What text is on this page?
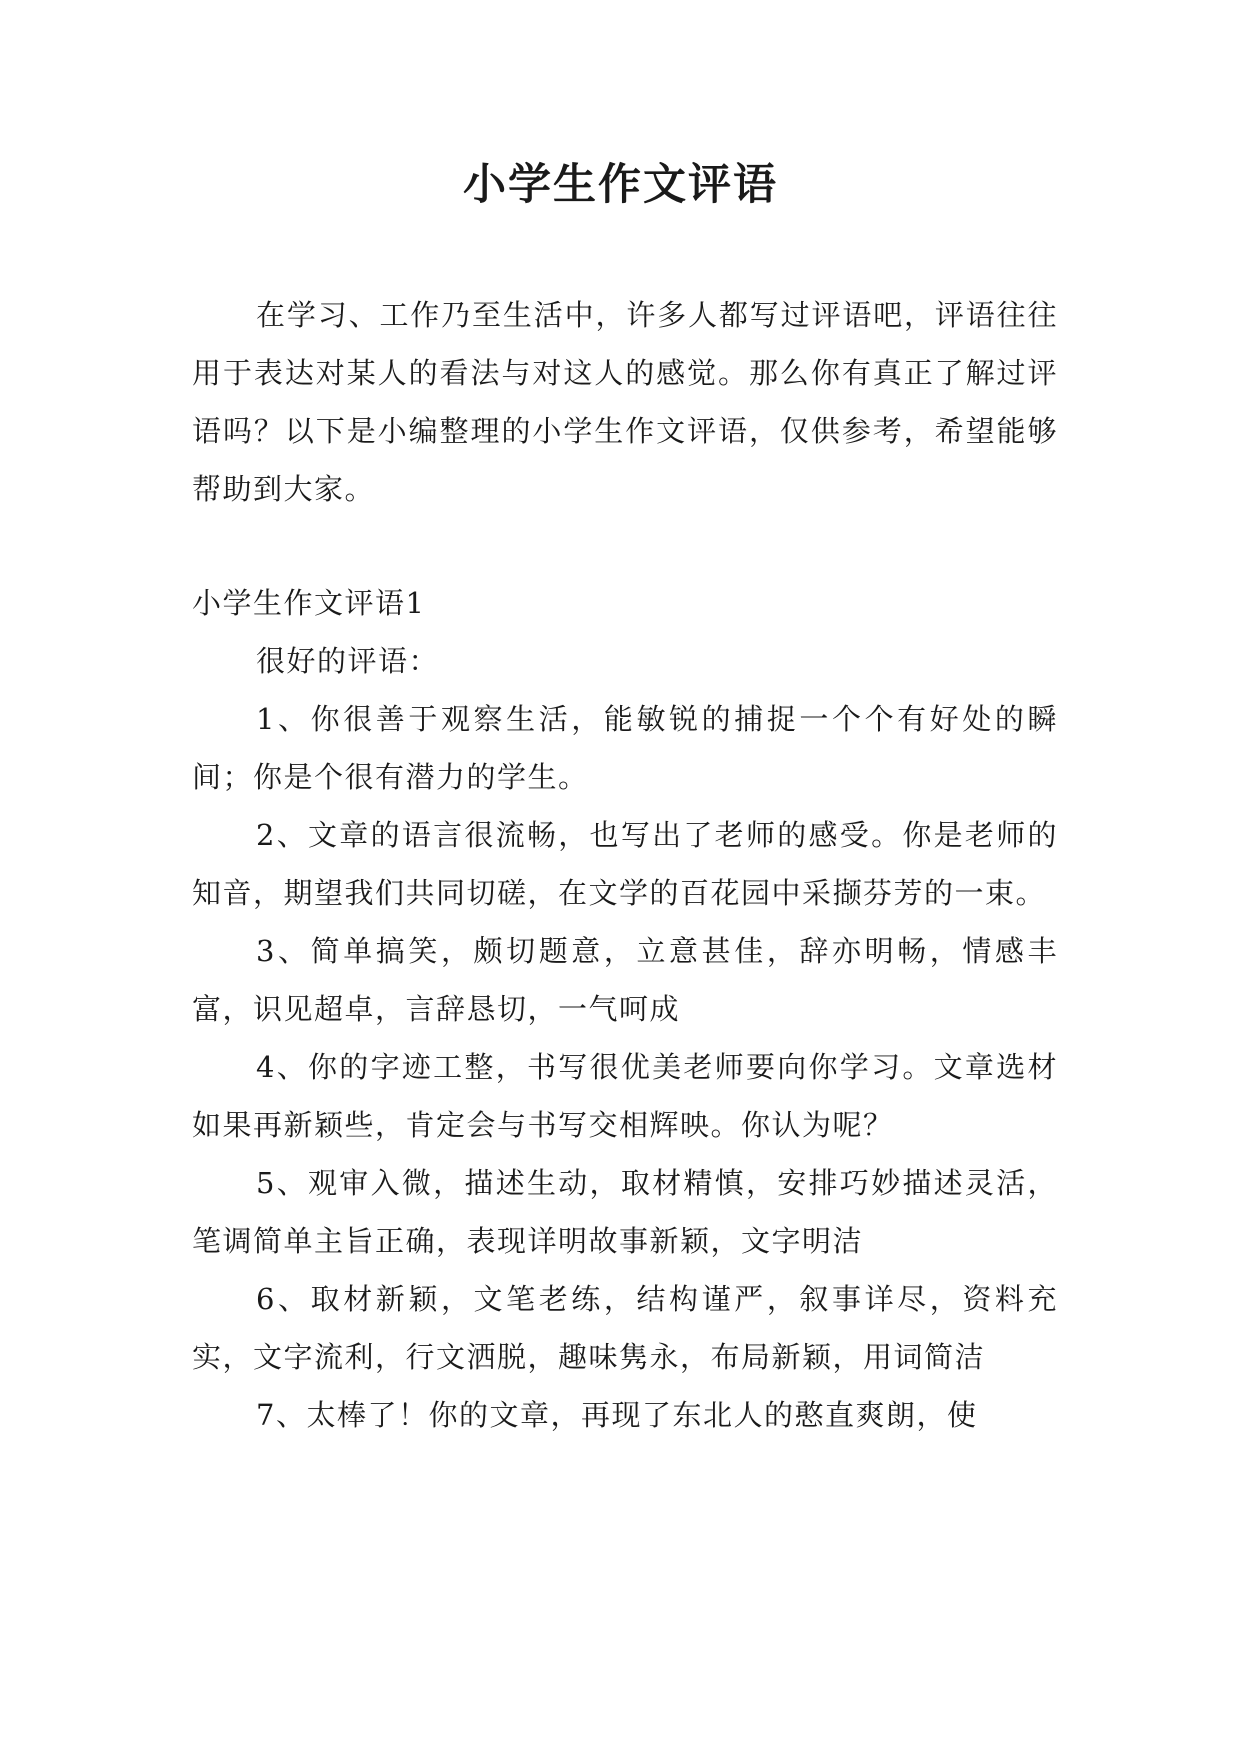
小学生作文评语

在学习、工作乃至生活中，许多人都写过评语吧，评语往往用于表达对某人的看法与对这人的感觉。那么你有真正了解过评语吗？以下是小编整理的小学生作文评语，仅供参考，希望能够帮助到大家。

小学生作文评语1

很好的评语：

1、你很善于观察生活，能敏锐的捕捉一个个有好处的瞬间；你是个很有潜力的学生。

2、文章的语言很流畅，也写出了老师的感受。你是老师的知音，期望我们共同切磋，在文学的百花园中采撷芬芳的一束。

3、简单搞笑，颇切题意，立意甚佳，辞亦明畅，情感丰富，识见超卓，言辞恳切，一气呵成

4、你的字迹工整，书写很优美老师要向你学习。文章选材如果再新颖些，肯定会与书写交相辉映。你认为呢？

5、观审入微，描述生动，取材精慎，安排巧妙描述灵活，笔调简单主旨正确，表现详明故事新颖，文字明洁

6、取材新颖，文笔老练，结构谨严，叙事详尽，资料充实，文字流利，行文洒脱，趣味隽永，布局新颖，用词简洁

7、太棒了！你的文章，再现了东北人的憨直爽朗，使
